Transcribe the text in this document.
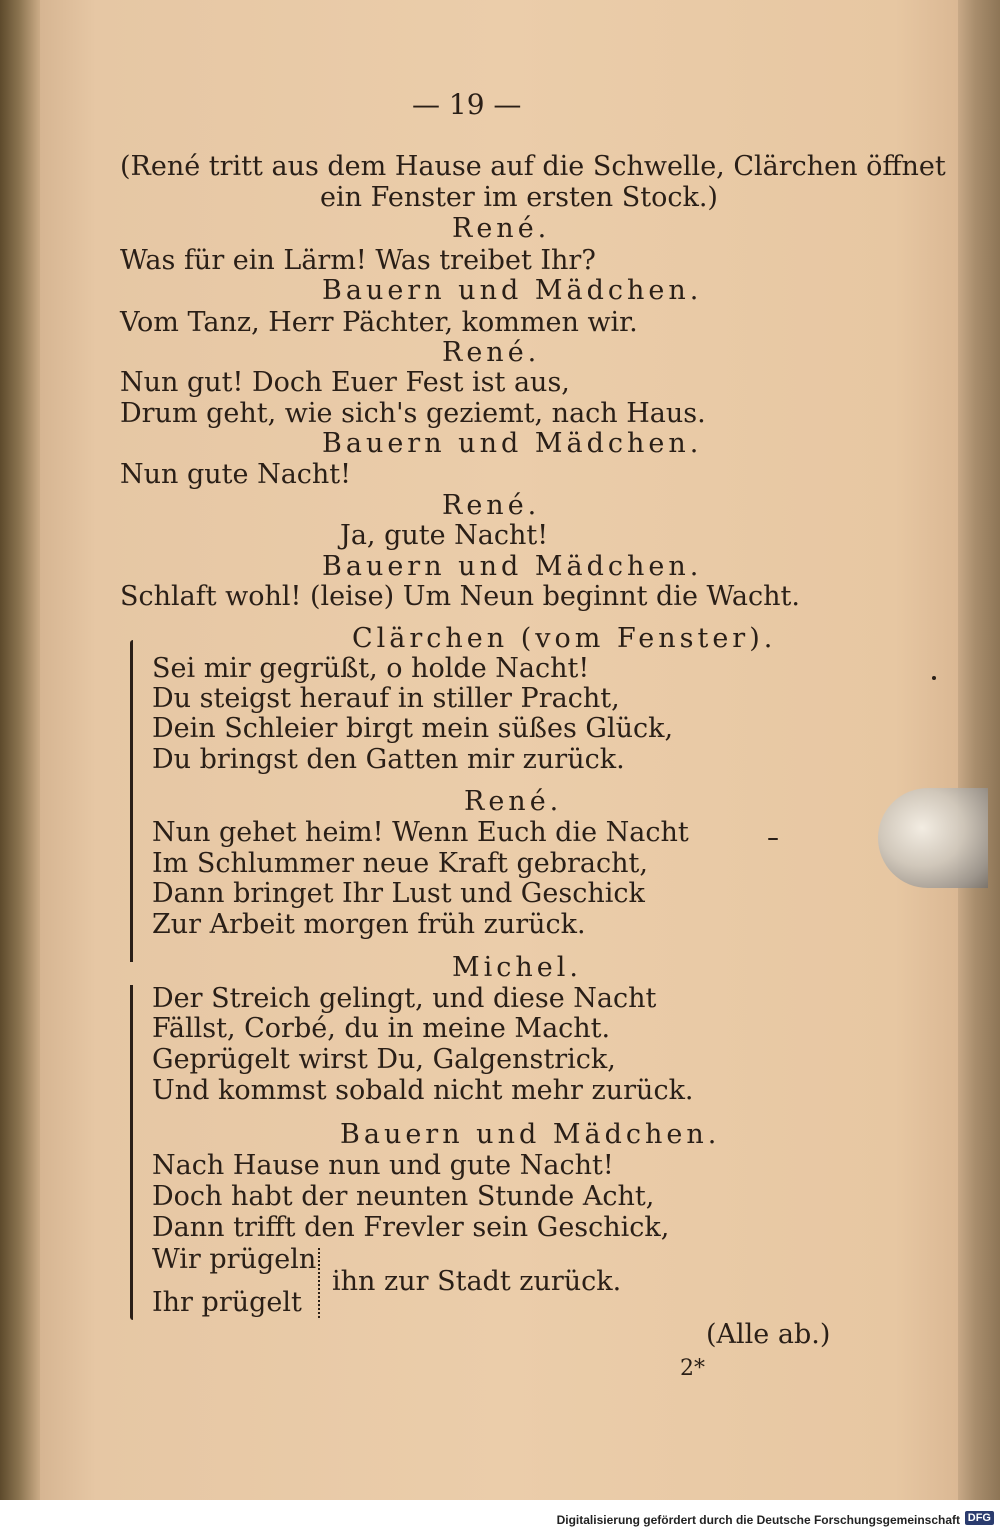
— 19 —
(René tritt aus dem Hause auf die Schwelle, Clärchen öffnet
ein Fenster im ersten Stock.)
René.
Was für ein Lärm! Was treibet Ihr?
Bauern und Mädchen.
Vom Tanz, Herr Pächter, kommen wir.
René.
Nun gut! Doch Euer Fest ist aus,
Drum geht, wie sich's geziemt, nach Haus.
Bauern und Mädchen.
Nun gute Nacht!
René.
Ja, gute Nacht!
Bauern und Mädchen.
Schlaft wohl! (leise) Um Neun beginnt die Wacht.
Clärchen (vom Fenster).
Sei mir gegrüßt, o holde Nacht!
Du steigst herauf in stiller Pracht,
Dein Schleier birgt mein süßes Glück,
Du bringst den Gatten mir zurück.
René.
Nun gehet heim! Wenn Euch die Nacht
Im Schlummer neue Kraft gebracht,
Dann bringet Ihr Lust und Geschick
Zur Arbeit morgen früh zurück.
Michel.
Der Streich gelingt, und diese Nacht
Fällst, Corbé, du in meine Macht.
Geprügelt wirst Du, Galgenstrick,
Und kommst sobald nicht mehr zurück.
Bauern und Mädchen.
Nach Hause nun und gute Nacht!
Doch habt der neunten Stunde Acht,
Dann trifft den Frevler sein Geschick,
Wir prügeln
Ihr prügelt
ihn zur Stadt zurück.
(Alle ab.)
2*
Digitalisierung gefördert durch die Deutsche Forschungsgemeinschaft DFG
